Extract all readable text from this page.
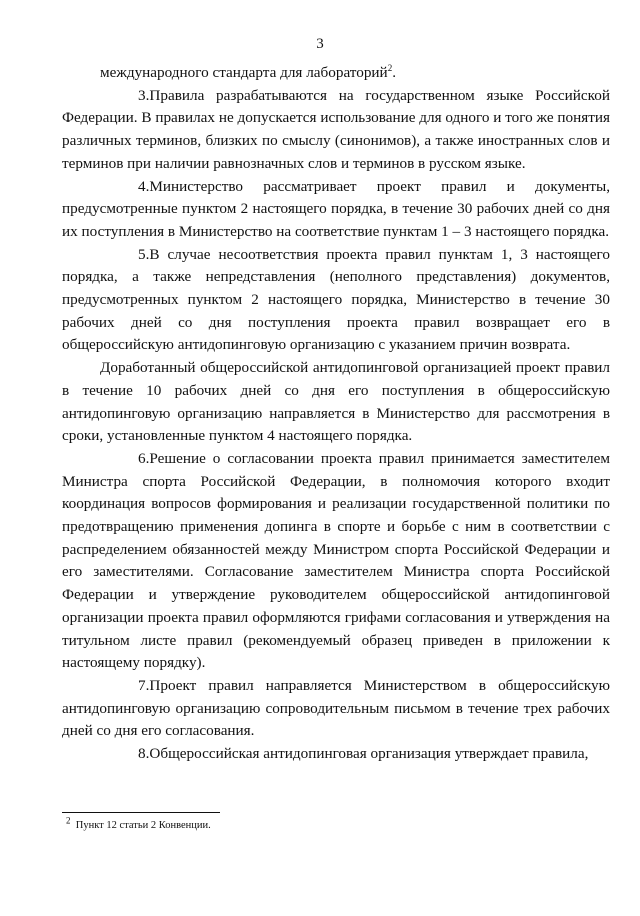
3

международного стандарта для лабораторий$^2$.

3.Правила разрабатываются на государственном языке Российской Федерации. В правилах не допускается использование для одного и того же понятия различных терминов, близких по смыслу (синонимов), а также иностранных слов и терминов при наличии равнозначных слов и терминов в русском языке.

4.Министерство рассматривает проект правил и документы, предусмотренные пунктом 2 настоящего порядка, в течение 30 рабочих дней со дня их поступления в Министерство на соответствие пунктам 1 – 3 настоящего порядка.

5.В случае несоответствия проекта правил пунктам 1, 3 настоящего порядка, а также непредставления (неполного представления) документов, предусмотренных пунктом 2 настоящего порядка, Министерство в течение 30 рабочих дней со дня поступления проекта правил возвращает его в общероссийскую антидопинговую организацию с указанием причин возврата.

Доработанный общероссийской антидопинговой организацией проект правил в течение 10 рабочих дней со дня его поступления в общероссийскую антидопинговую организацию направляется в Министерство для рассмотрения в сроки, установленные пунктом 4 настоящего порядка.

6.Решение о согласовании проекта правил принимается заместителем Министра спорта Российской Федерации, в полномочия которого входит координация вопросов формирования и реализации государственной политики по предотвращению применения допинга в спорте и борьбе с ним в соответствии с распределением обязанностей между Министром спорта Российской Федерации и его заместителями. Согласование заместителем Министра спорта Российской Федерации и утверждение руководителем общероссийской антидопинговой организации проекта правил оформляются грифами согласования и утверждения на титульном листе правил (рекомендуемый образец приведен в приложении к настоящему порядку).

7.Проект правил направляется Министерством в общероссийскую антидопинговую организацию сопроводительным письмом в течение трех рабочих дней со дня его согласования.

8.Общероссийская антидопинговая организация утверждает правила,

$^2$ Пункт 12 статьи 2 Конвенции.
